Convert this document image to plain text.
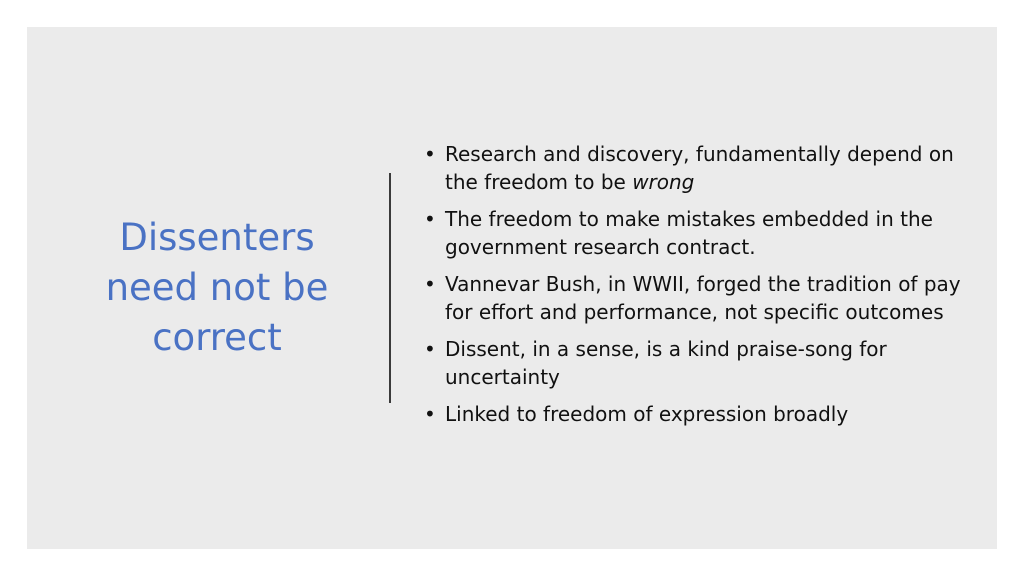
Dissenters
need not be
correct
• Research and discovery, fundamentally depend on the freedom to be wrong
• The freedom to make mistakes embedded in the government research contract.
• Vannevar Bush, in WWII, forged the tradition of pay for effort and performance, not specific outcomes
• Dissent, in a sense, is a kind praise-song for uncertainty
• Linked to freedom of expression broadly
